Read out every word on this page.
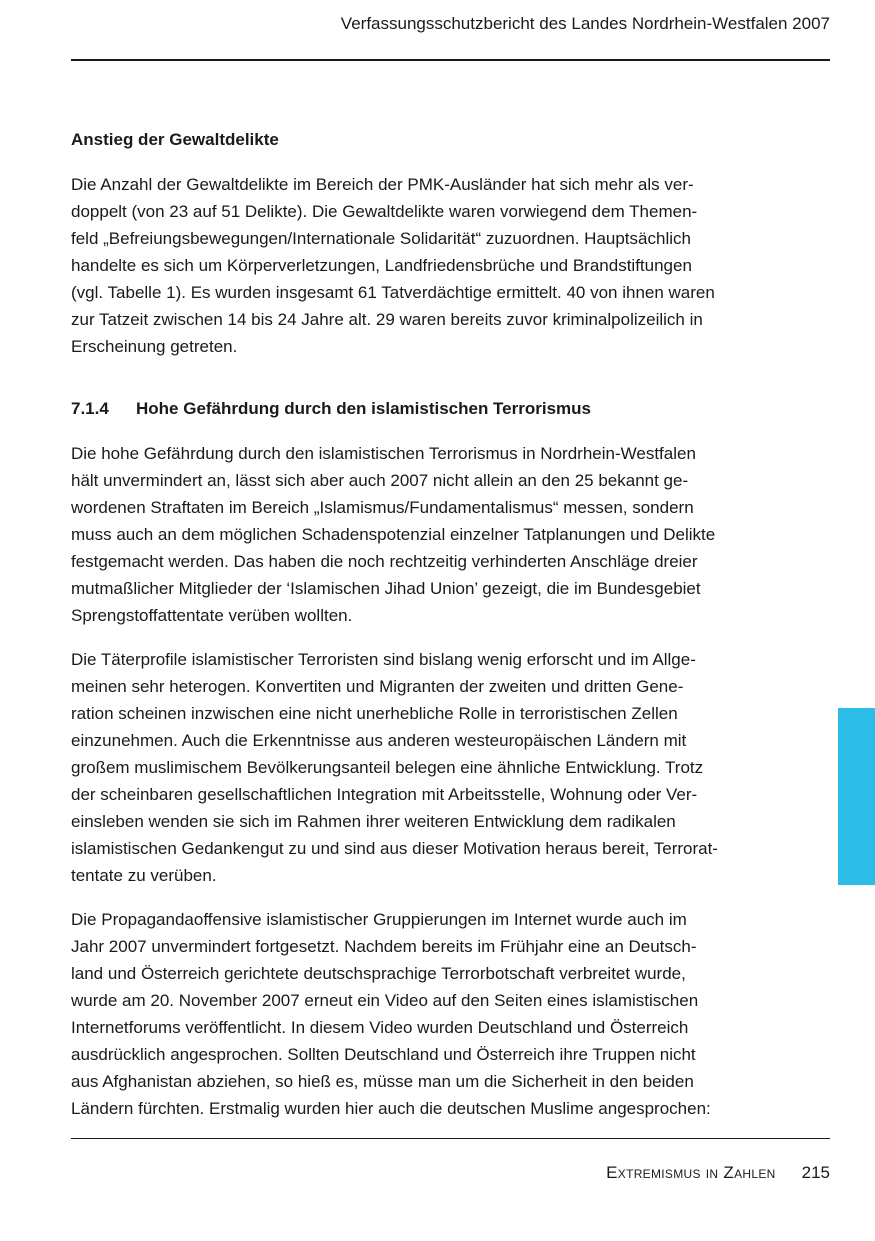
Verfassungsschutzbericht des Landes Nordrhein-Westfalen 2007
Anstieg der Gewaltdelikte
Die Anzahl der Gewaltdelikte im Bereich der PMK-Ausländer hat sich mehr als ver-
doppelt (von 23 auf 51 Delikte). Die Gewaltdelikte waren vorwiegend dem Themen-
feld „Befreiungsbewegungen/Internationale Solidarität“ zuzuordnen. Hauptsächlich
handelte es sich um Körperverletzungen, Landfriedensbrüche und Brandstiftungen
(vgl. Tabelle 1). Es wurden insgesamt 61 Tatverdächtige ermittelt. 40 von ihnen waren
zur Tatzeit zwischen 14 bis 24 Jahre alt. 29 waren bereits zuvor kriminalpolizeilich in
Erscheinung getreten.
7.1.4 Hohe Gefährdung durch den islamistischen Terrorismus
Die hohe Gefährdung durch den islamistischen Terrorismus in Nordrhein-Westfalen
hält unvermindert an, lässt sich aber auch 2007 nicht allein an den 25 bekannt ge-
wordenen Straftaten im Bereich „Islamismus/Fundamentalismus“ messen, sondern
muss auch an dem möglichen Schadenspotenzial einzelner Tatplanungen und Delikte
festgemacht werden. Das haben die noch rechtzeitig verhinderten Anschläge dreier
mutmaßlicher Mitglieder der ‘Islamischen Jihad Union’ gezeigt, die im Bundesgebiet
Sprengstoffattentate verüben wollten.
Die Täterprofile islamistischer Terroristen sind bislang wenig erforscht und im Allge-
meinen sehr heterogen. Konvertiten und Migranten der zweiten und dritten Gene-
ration scheinen inzwischen eine nicht unerhebliche Rolle in terroristischen Zellen
einzunehmen. Auch die Erkenntnisse aus anderen westeuropäischen Ländern mit
großem muslimischem Bevölkerungsanteil belegen eine ähnliche Entwicklung. Trotz
der scheinbaren gesellschaftlichen Integration mit Arbeitsstelle, Wohnung oder Ver-
einsleben wenden sie sich im Rahmen ihrer weiteren Entwicklung dem radikalen
islamistischen Gedankengut zu und sind aus dieser Motivation heraus bereit, Terrorat-
tentate zu verüben.
Die Propagandaoffensive islamistischer Gruppierungen im Internet wurde auch im
Jahr 2007 unvermindert fortgesetzt. Nachdem bereits im Frühjahr eine an Deutsch-
land und Österreich gerichtete deutschsprachige Terrorbotschaft verbreitet wurde,
wurde am 20. November 2007 erneut ein Video auf den Seiten eines islamistischen
Internetforums veröffentlicht. In diesem Video wurden Deutschland und Österreich
ausdrücklich angesprochen. Sollten Deutschland und Österreich ihre Truppen nicht
aus Afghanistan abziehen, so hieß es, müsse man um die Sicherheit in den beiden
Ländern fürchten. Erstmalig wurden hier auch die deutschen Muslime angesprochen:
Extremismus in Zahlen 215
